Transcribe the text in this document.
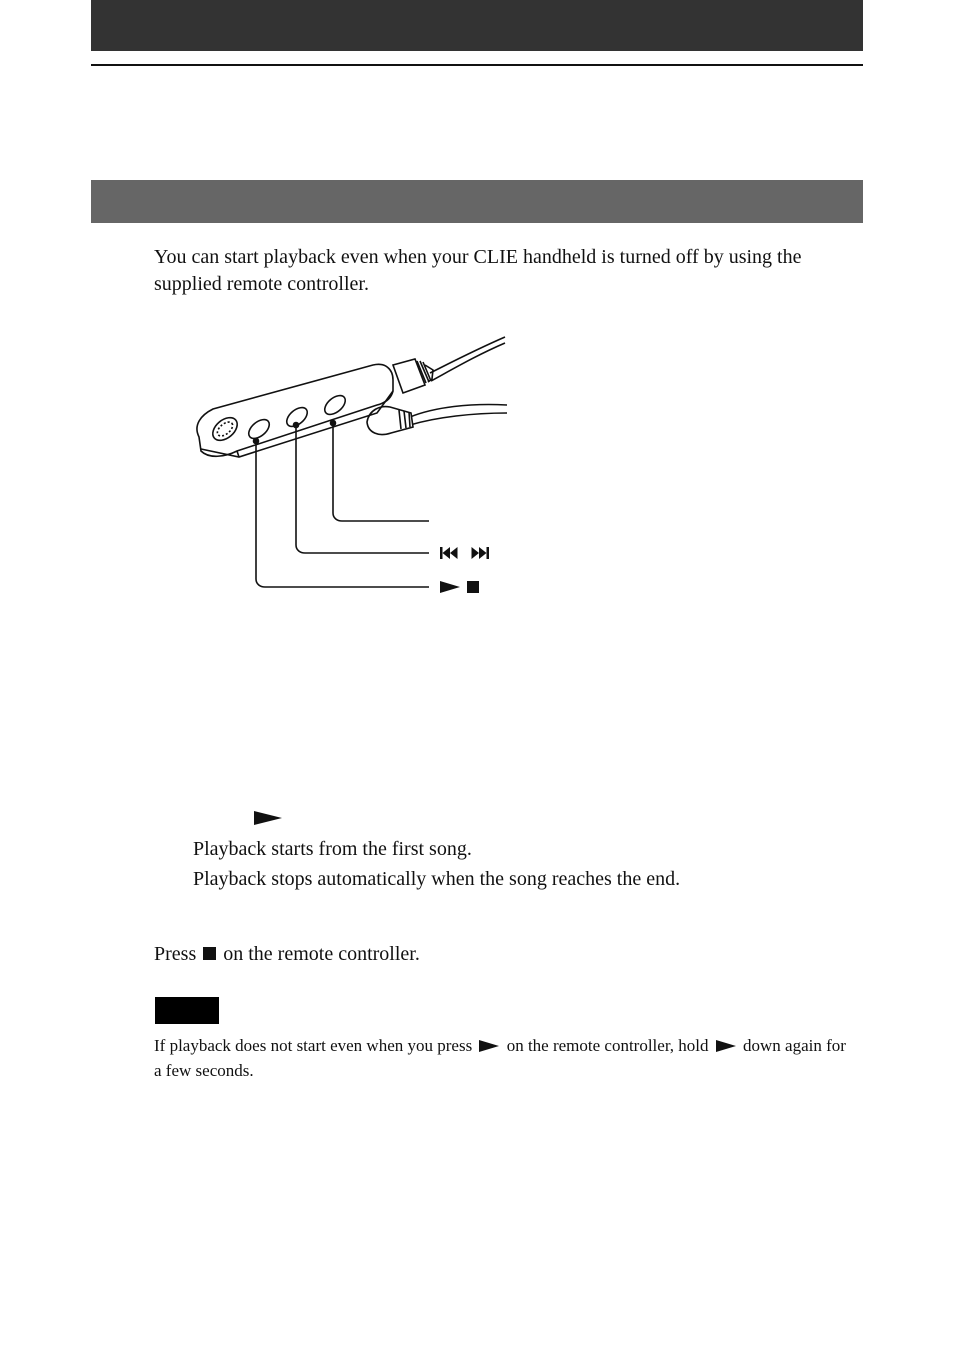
You can start playback even when your CLIE handheld is turned off by using the supplied remote controller.
Playback starts from the first song.
Playback stops automatically when the song reaches the end.
Press on the remote controller.
If playback does not start even when you press on the remote controller, hold down again for a few seconds.
